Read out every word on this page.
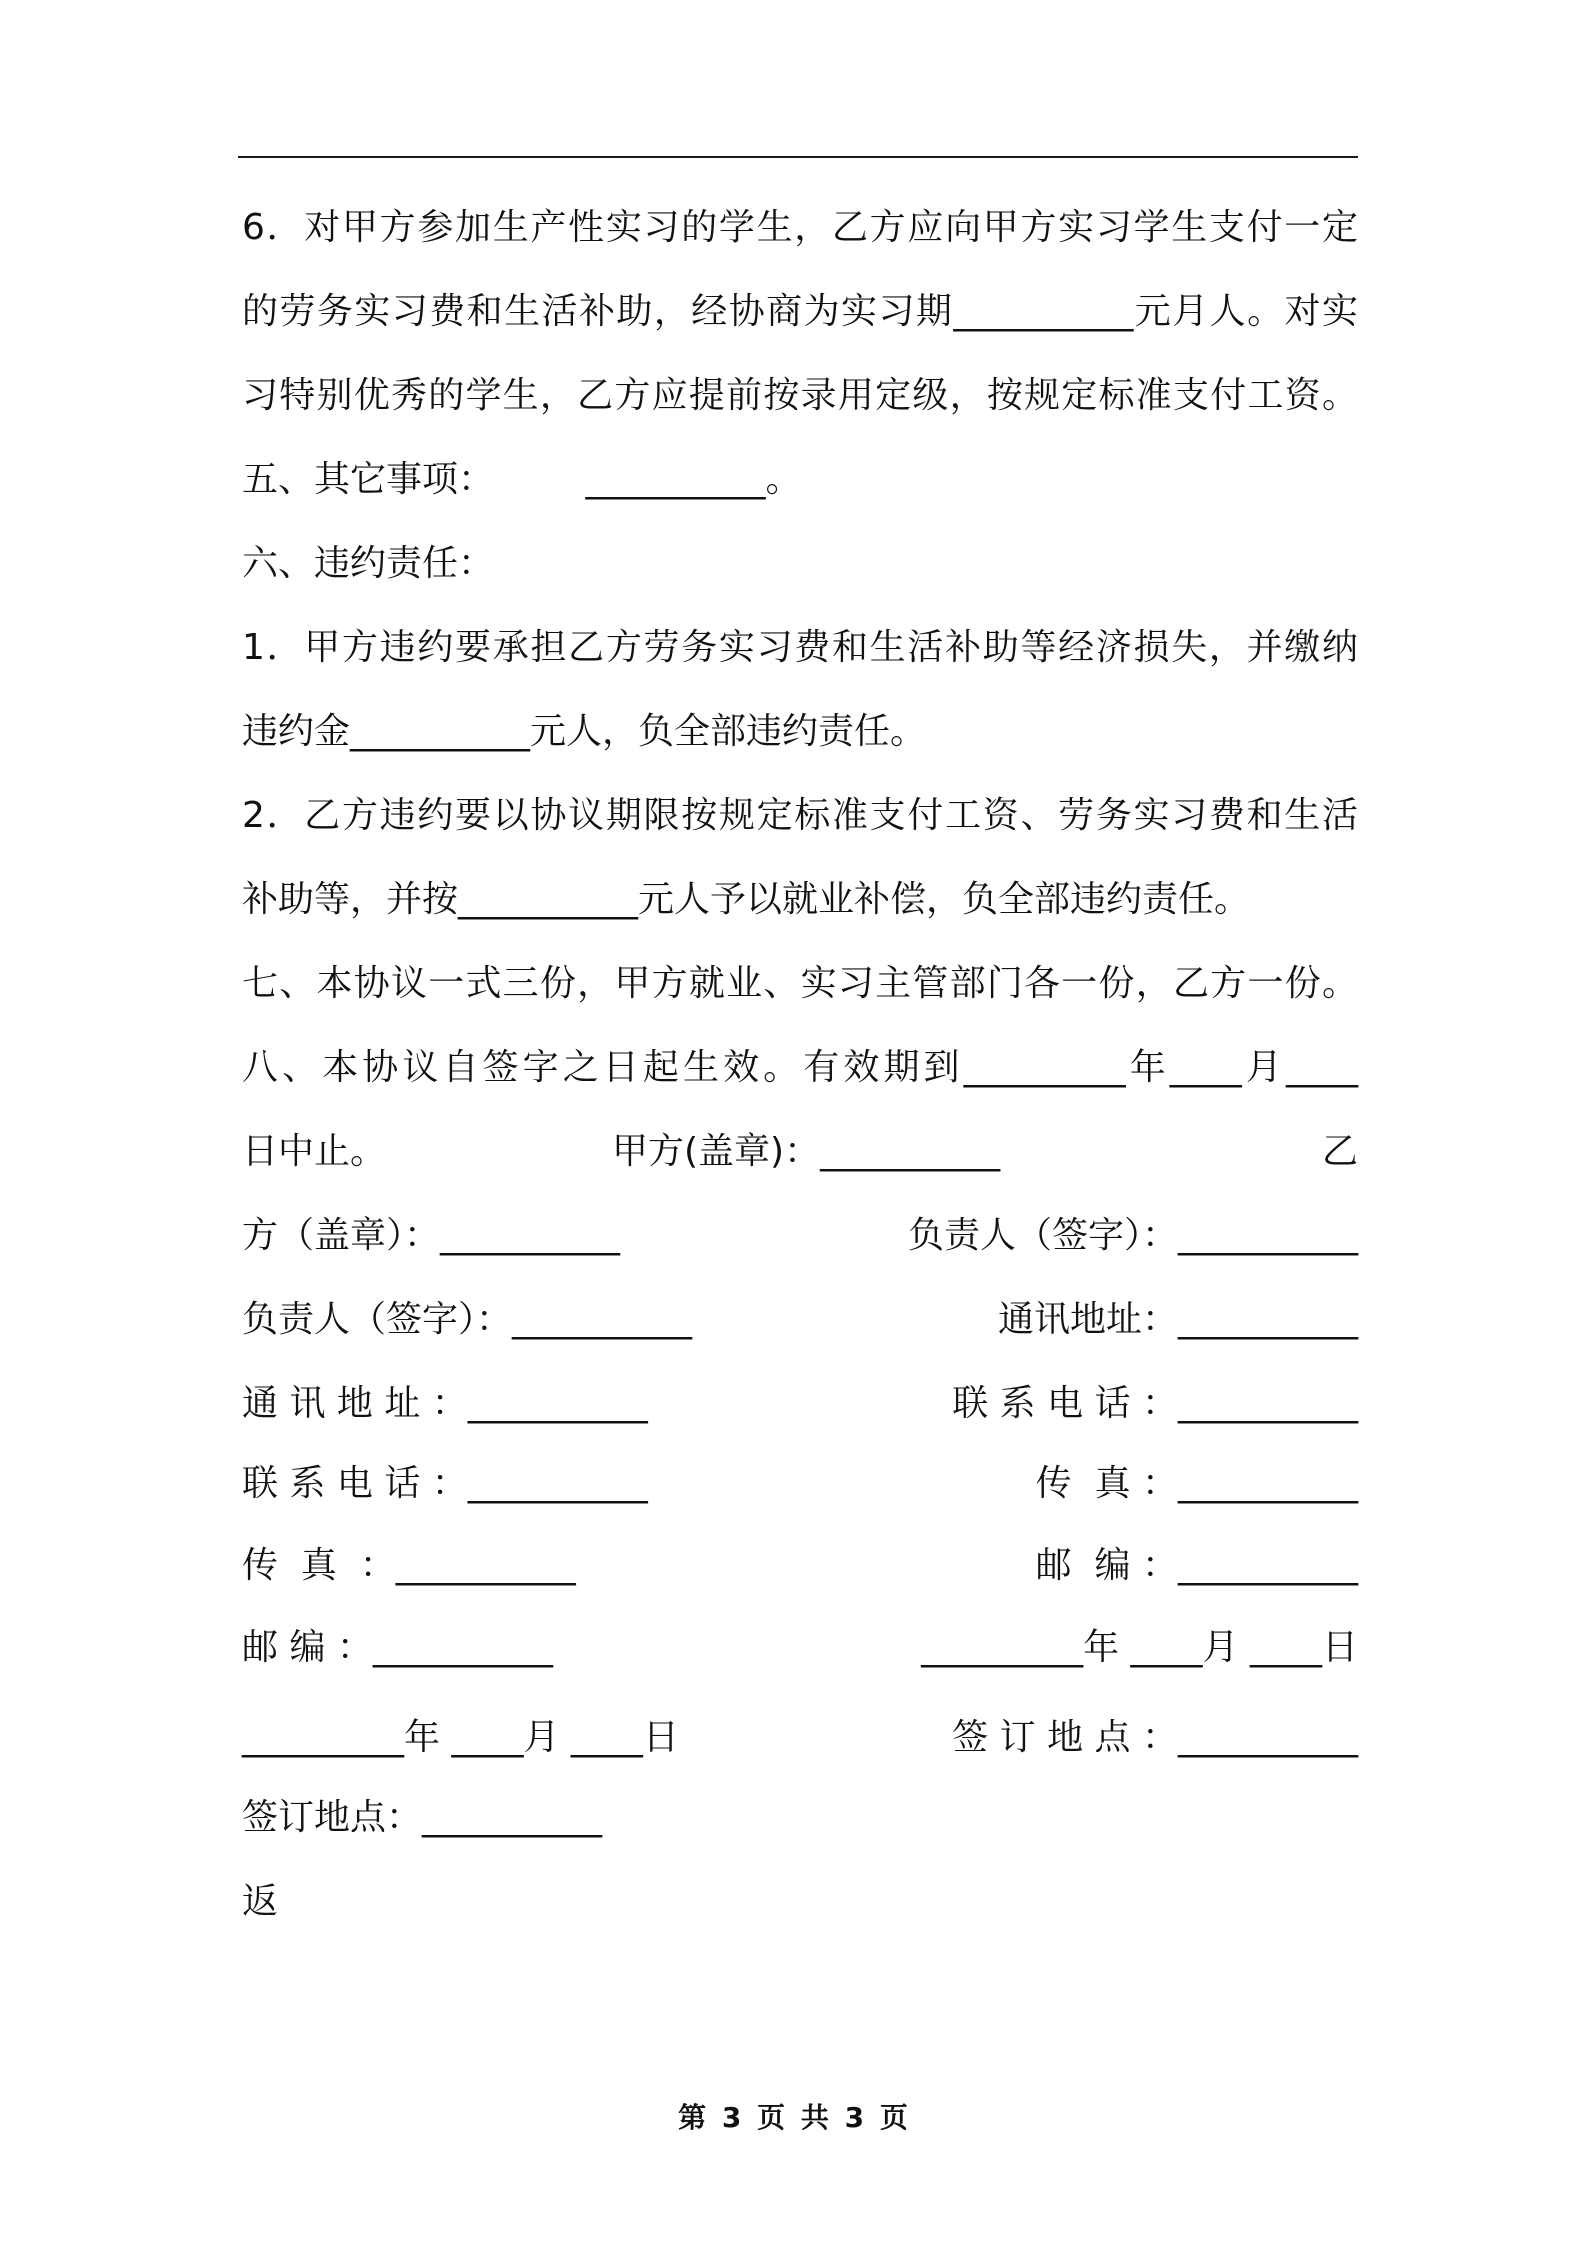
6．对甲方参加生产性实习的学生，乙方应向甲方实习学生支付一定
的劳务实习费和生活补助，经协商为实习期__________元月人。对实
习特别优秀的学生，乙方应提前按录用定级，按规定标准支付工资。
五、其它事项：        __________。
六、违约责任：
1．甲方违约要承担乙方劳务实习费和生活补助等经济损失，并缴纳
违约金__________元人，负全部违约责任。
2．乙方违约要以协议期限按规定标准支付工资、劳务实习费和生活
补助等，并按__________元人予以就业补偿，负全部违约责任。
七、本协议一式三份，甲方就业、实习主管部门各一份，乙方一份。
八、本协议自签字之日起生效。有效期到_________年____月____

日中止。

	甲方(盖章)：__________

	乙

方（盖章）：__________

	负责人（签字）：__________

负责人（签字）：__________

	通讯地址：__________

通 讯 地 址 ：__________

	联 系 电 话 ：__________

联 系 电 话 ：__________

	传  真 ：__________

传  真  ：__________

	邮  编 ：__________

邮 编 ：__________

	_________年 ____月 ____日

_________年 ____月 ____日

	签 订 地 点 ：__________

签订地点：__________

返

第 3 页 共 3 页
